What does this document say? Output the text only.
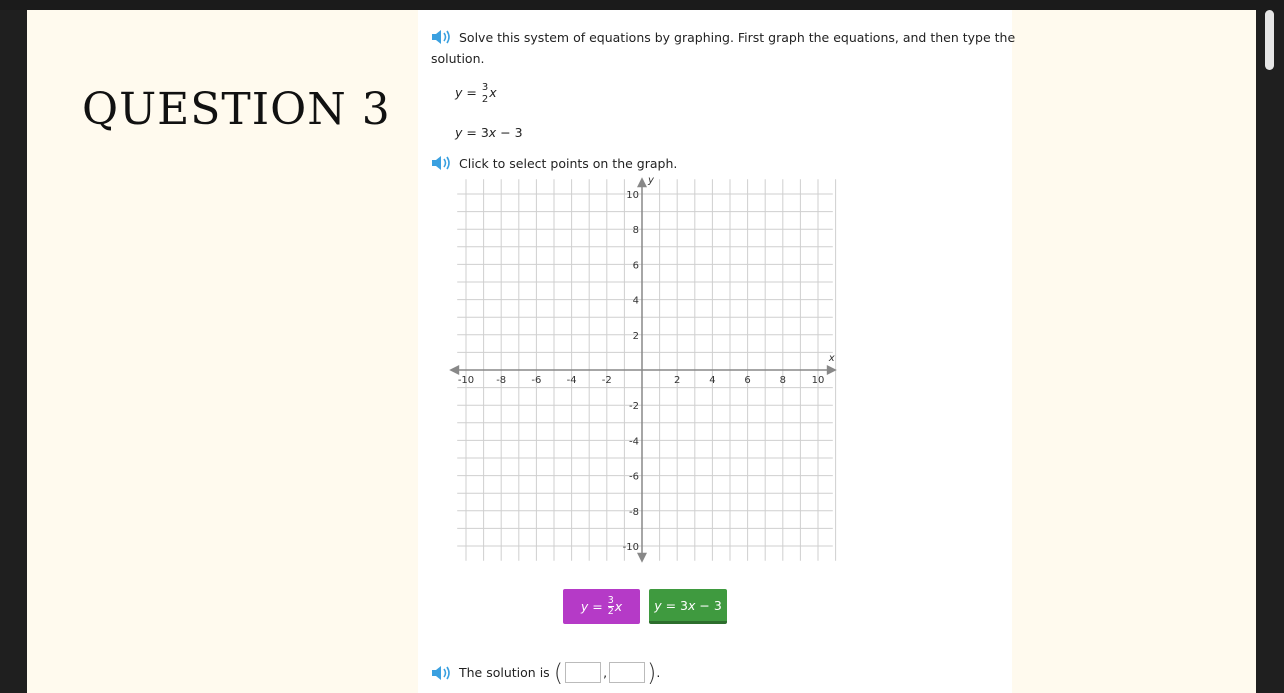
QUESTION 3
Solve this system of equations by graphing. First graph the equations, and then type the
solution.
y = 3
2 x
y = 3x − 3
Click to select points on the graph.
-10 -8	-6	-4	-2	2	4	6	8	10
10
8
6
4
2
-2
-4
-6
-8
-10
x
y
y
=
$\frac{3}{2}$ x	y = 3 x − 3
The solution is (	, ) .
